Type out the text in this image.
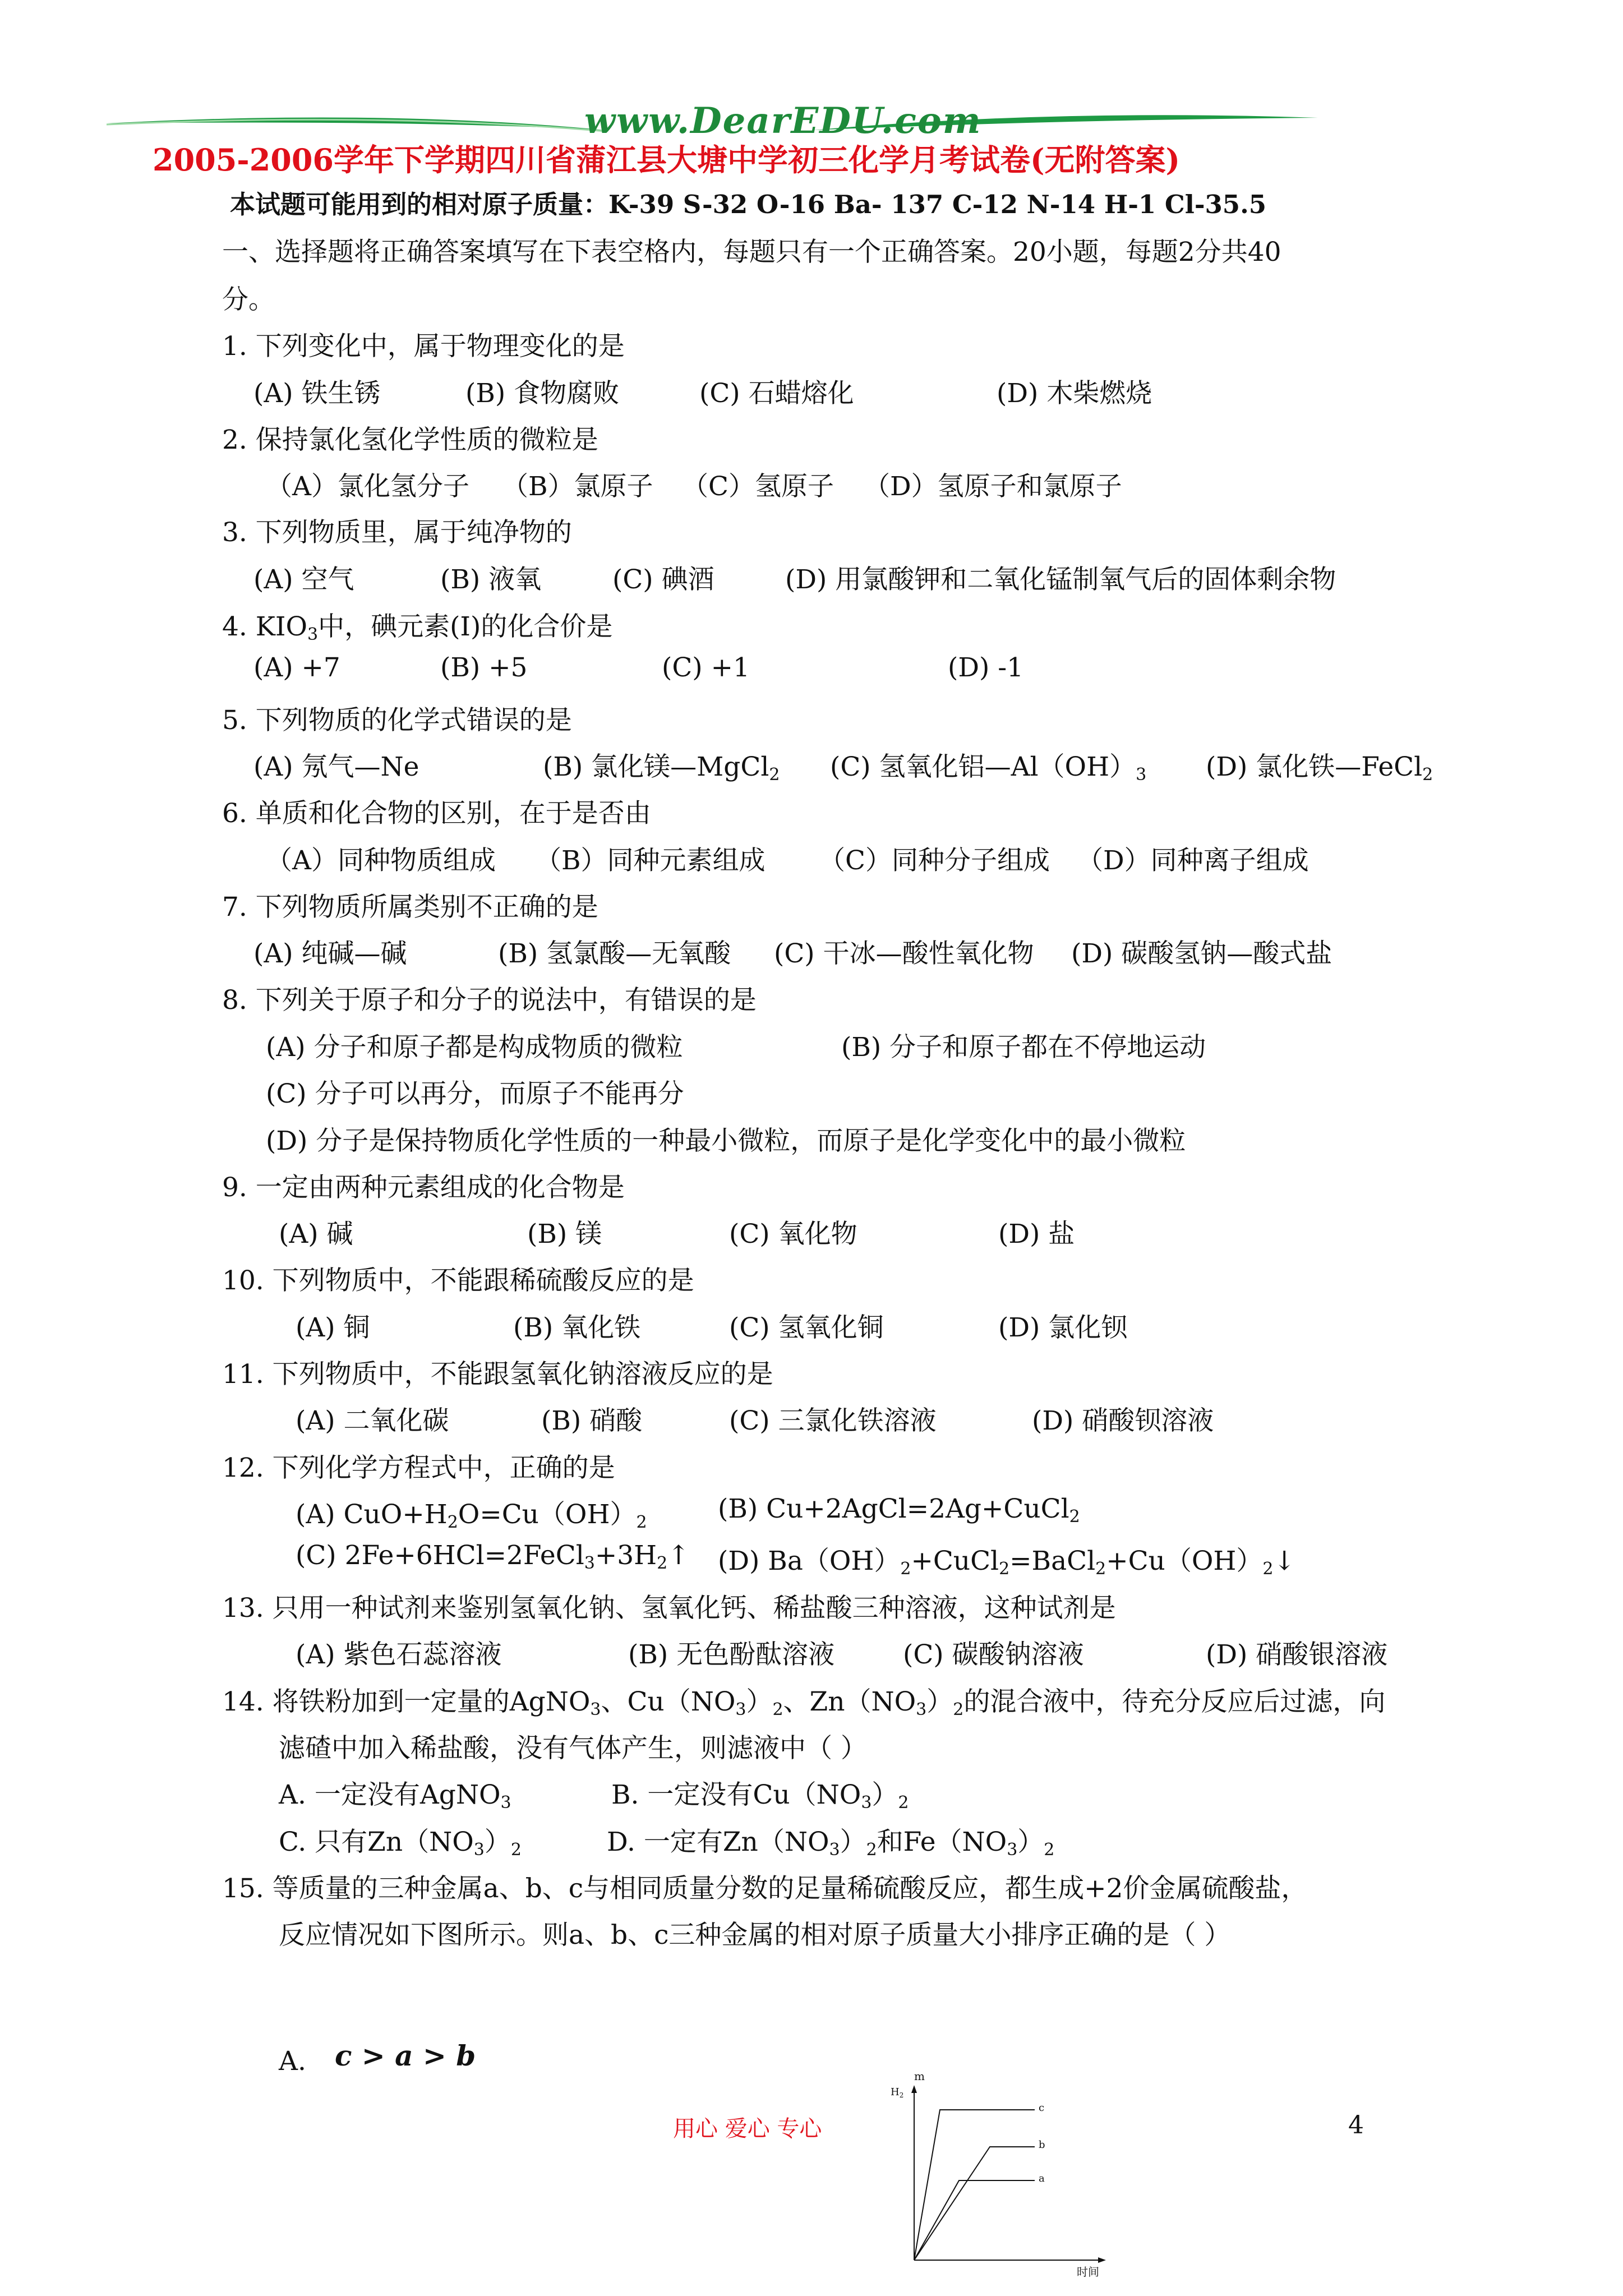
www.DearEDU.com
2005-2006学年下学期四川省蒲江县大塘中学初三化学月考试卷(无附答案)
本试题可能用到的相对原子质量：K-39 S-32 O-16 Ba- 137 C-12 N-14 H-1 Cl-35.5
一、选择题将正确答案填写在下表空格内，每题只有一个正确答案。20小题，每题2分共40
分。
1. 下列变化中，属于物理变化的是
(A) 铁生锈	(B) 食物腐败	(C) 石蜡熔化	(D) 木柴燃烧
2. 保持氯化氢化学性质的微粒是
（A）氯化氢分子 （B）氯原子 （C）氢原子 （D）氢原子和氯原子
3. 下列物质里，属于纯净物的
(A) 空气	(B) 液氧	(C) 碘酒	(D) 用氯酸钾和二氧化锰制氧气后的固体剩余物
4. $KIO_3$中，碘元素(I)的化合价是
(A) +7	(B) +5	(C) +1	(D) -1
5. 下列物质的化学式错误的是
(A) 氖气—Ne	(B) 氯化镁—MgCl$_2$ (C) 氢氧化铝$—Al(OH)_3$ (D) 氯化铁—FeCl$_2$
6. 单质和化合物的区别，在于是否由
（A）同种物质组成 （B）同种元素组成 （C）同种分子组成 （D）同种离子组成
7. 下列物质所属类别不正确的是
(A) 纯碱—碱	(B) 氢氯酸—无氧酸 (C) 干冰—酸性氧化物 (D) 碳酸氢钠—酸式盐
8. 下列关于原子和分子的说法中，有错误的是
(A) 分子和原子都是构成物质的微粒	(B) 分子和原子都在不停地运动
(C) 分子可以再分，而原子不能再分
(D) 分子是保持物质化学性质的一种最小微粒，而原子是化学变化中的最小微粒
9. 一定由两种元素组成的化合物是
(A) 碱	(B) 镁	(C) 氧化物	(D) 盐
10. 下列物质中，不能跟稀硫酸反应的是
(A) 铜	(B) 氧化铁	(C) 氢氧化铜	(D) 氯化钡
11. 下列物质中，不能跟氢氧化钠溶液反应的是
(A) 二氧化碳	(B) 硝酸	(C) 三氯化铁溶液	(D) 硝酸钡溶液
12. 下列化学方程式中，正确的是
(A) $CuO+H_2O=Cu(OH)_2$	(B) Cu+2AgCl=2Ag+CuCl$_2$
(C) $2Fe+6HCl=2FeCl_3+3H_2↑$ (D) $Ba(OH)_2+CuCl_2=BaCl_2+Cu(OH)_2↓$
13. 只用一种试剂来鉴别氢氧化钠、氢氧化钙、稀盐酸三种溶液，这种试剂是
(A) 紫色石蕊溶液	(B) 无色酚酞溶液	(C) 碳酸钠溶液	(D) 硝酸银溶液
14. 将铁粉加到一定量的AgNO$_3$、$Cu(NO_3)_2$、$Zn(NO_3)_2$的混合液中，待充分反应后过滤，向
滤碴中加入稀盐酸，没有气体产生，则滤液中（ ）
A. 一定没有AgNO$_3$	B. 一定没有$Cu(NO_3)_2$
C. 只有$Zn(NO_3)_2$	D. 一定有$Zn(NO_3)_2$和$Fe(NO_3)_2$
15. 等质量的三种金属a、b、c与相同质量分数的足量稀硫酸反应，都生成+2价金属硫酸盐，
反应情况如下图所示。则a、b、c三种金属的相对原子质量大小排序正确的是（ ）
A. c > a > b
m
$H_2$
时间
c
b
a
用心 爱心 专心	4
